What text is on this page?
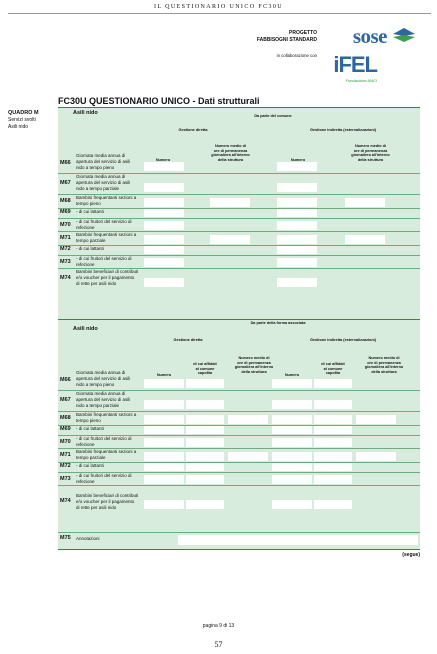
IL QUESTIONARIO UNICO FC30U
PROGETTO
FABBISOGNI STANDARD
in collaborazione con
sose
iFEL
Fondazione ANCI
FC30U QUESTIONARIO UNICO - Dati strutturali
QUADRO M
Servizi svolti
Asili nido
Asili nido	Da parte del comune
Gestione diretta	Gestione indiretta (esternalizzazioni)
Numero
Numero medio di
ore di permanenza
giornaliera all'interno
della struttura	Numero
Numero medio di
ore di permanenza
giornaliera all'interno
della struttura
M66
Giornata media annua di
apertura del servizio di asili
nido a tempo pieno
M67
Giornata media annua di
apertura del servizio di asili
nido a tempo parziale
M68
Bambini frequentanti sezioni a
tempo pieno
M69 - di cui lattanti
M70
- di cui fruitori del servizio di
refezione
M71
Bambini frequentanti sezioni a
tempo parziale
M72 - di cui lattanti
M73
- di cui fruitori del servizio di
refezione
M74
Bambini beneficiari di contributi
e/o voucher per il pagamento
di rette per asili nido
Asili nido
Da parte della forma associata
Gestione diretta	Gestione indiretta (esternalizzazioni)
Numero
di cui affidati
al comune
capofila
Numero medio di
ore di permanenza
giornaliera all'interno
della struttura
Numero
di cui affidati
al comune
capofila
Numero medio di
ore di permanenza
giornaliera all'interno
della struttura
M66
Giornata media annua di
apertura del servizio di asili
nido a tempo pieno
M67
Giornata media annua di
apertura del servizio di asili
nido a tempo parziale
M68
Bambini frequentanti sezioni a
tempo pieno
M69 - di cui lattanti
M70
- di cui fruitori del servizio di
refezione
M71
Bambini frequentanti sezioni a
tempo parziale
M72 - di cui lattanti
M73
- di cui fruitori del servizio di
refezione
M74
Bambini beneficiari di contributi
e/o voucher per il pagamento
di rette per asili nido
M75 Annotazioni
(segue)
pagina 9 di 13
57
